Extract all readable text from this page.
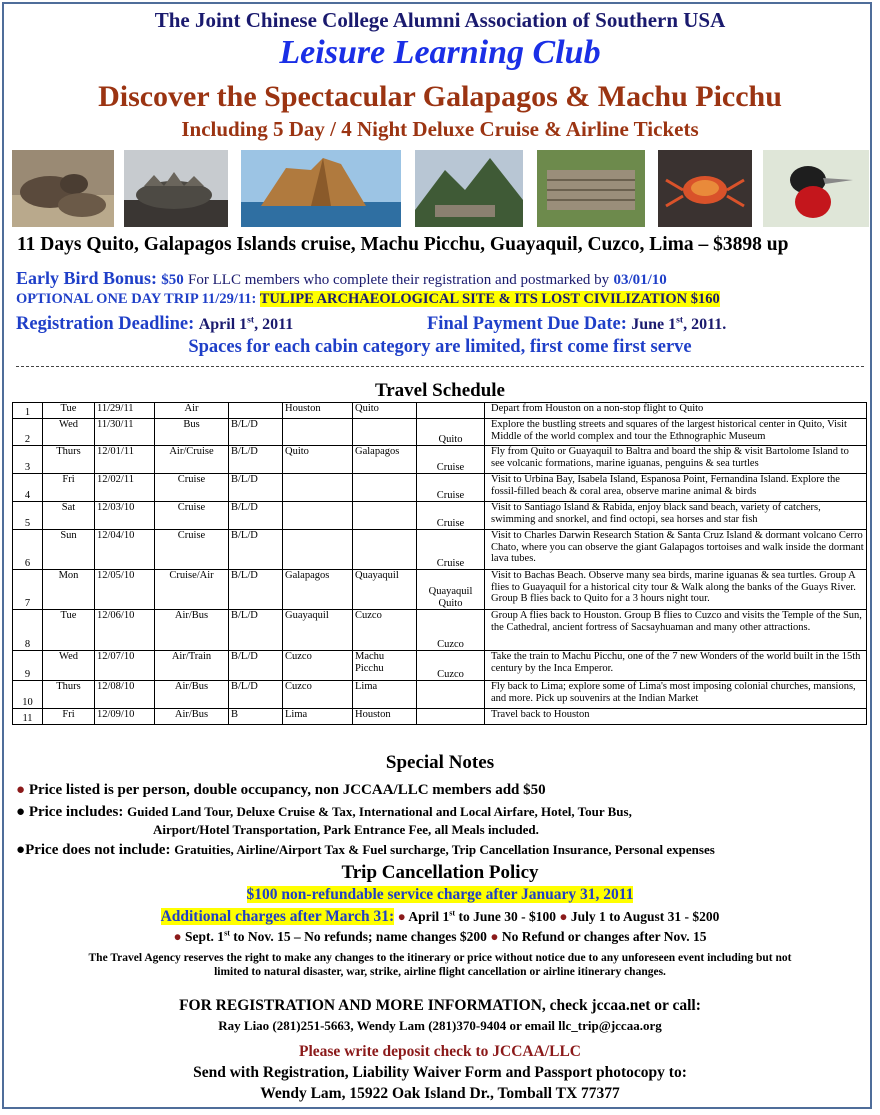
The Joint Chinese College Alumni Association of Southern USA
Leisure Learning Club
Discover the Spectacular Galapagos & Machu Picchu
Including 5 Day / 4 Night Deluxe Cruise & Airline Tickets
11 Days Quito, Galapagos Islands cruise, Machu Picchu, Guayaquil, Cuzco, Lima – $3898 up
Early Bird Bonus: $50 For LLC members who complete their registration and postmarked by 03/01/10
OPTIONAL ONE DAY TRIP 11/29/11: TULIPE ARCHAEOLOGICAL SITE & ITS LOST CIVILIZATION $160
Registration Deadline: April 1st, 2011	Final Payment Due Date: June 1st, 2011.
Spaces for each cabin category are limited, first come first serve
Travel Schedule
1	Tue	11/29/11	Air		Houston	Quito		Depart from Houston on a non-stop flight to Quito
2	Wed	11/30/11	Bus	B/L/D			Quito	Explore the bustling streets and squares of the largest historical center in Quito, Visit Middle of the world complex and tour the Ethnographic Museum
3	Thurs	12/01/11	Air/Cruise	B/L/D	Quito	Galapagos	Cruise	Fly from Quito or Guayaquil to Baltra and board the ship & visit Bartolome Island to see volcanic formations, marine iguanas, penguins & sea turtles
4	Fri	12/02/11	Cruise	B/L/D			Cruise	Visit to Urbina Bay, Isabela Island, Espanosa Point, Fernandina Island. Explore the fossil-filled beach & coral area, observe marine animal & birds
5	Sat	12/03/10	Cruise	B/L/D			Cruise	Visit to Santiago Island & Rabida, enjoy black sand beach, variety of catchers, swimming and snorkel, and find octopi, sea horses and star fish
6	Sun	12/04/10	Cruise	B/L/D			Cruise	Visit to Charles Darwin Research Station & Santa Cruz Island & dormant volcano Cerro Chato, where you can observe the giant Galapagos tortoises and walk inside the dormant lava tubes.
7	Mon	12/05/10	Cruise/Air	B/L/D	Galapagos	Quayaquil	Quayaquil Quito	Visit to Bachas Beach. Observe many sea birds, marine iguanas & sea turtles. Group A flies to Guayaquil for a historical city tour & Walk along the banks of the Guays River. Group B flies back to Quito for a 3 hours night tour.
8	Tue	12/06/10	Air/Bus	B/L/D	Guayaquil	Cuzco	Cuzco	Group A flies back to Houston. Group B flies to Cuzco and visits the Temple of the Sun, the Cathedral, ancient fortress of Sacsayhuaman and many other attractions.
9	Wed	12/07/10	Air/Train	B/L/D	Cuzco	Machu Picchu	Cuzco	Take the train to Machu Picchu, one of the 7 new Wonders of the world built in the 15th century by the Inca Emperor.
10	Thurs	12/08/10	Air/Bus	B/L/D	Cuzco	Lima		Fly back to Lima; explore some of Lima's most imposing colonial churches, mansions, and more. Pick up souvenirs at the Indian Market
11	Fri	12/09/10	Air/Bus	B	Lima	Houston		Travel back to Houston
Special Notes
● Price listed is per person, double occupancy, non JCCAA/LLC members add $50
● Price includes: Guided Land Tour, Deluxe Cruise & Tax, International and Local Airfare, Hotel, Tour Bus,
Airport/Hotel Transportation, Park Entrance Fee, all Meals included.
●Price does not include: Gratuities, Airline/Airport Tax & Fuel surcharge, Trip Cancellation Insurance, Personal expenses
Trip Cancellation Policy
$100 non-refundable service charge after January 31, 2011
Additional charges after March 31: ● April 1st to June 30 - $100 ● July 1 to August 31 - $200
● Sept. 1st to Nov. 15 – No refunds; name changes $200 ● No Refund or changes after Nov. 15
The Travel Agency reserves the right to make any changes to the itinerary or price without notice due to any unforeseen event including but not
limited to natural disaster, war, strike, airline flight cancellation or airline itinerary changes.
FOR REGISTRATION AND MORE INFORMATION, check jccaa.net or call:
Ray Liao (281)251-5663, Wendy Lam (281)370-9404 or email llc_trip@jccaa.org
Please write deposit check to JCCAA/LLC
Send with Registration, Liability Waiver Form and Passport photocopy to:
Wendy Lam, 15922 Oak Island Dr., Tomball TX 77377
